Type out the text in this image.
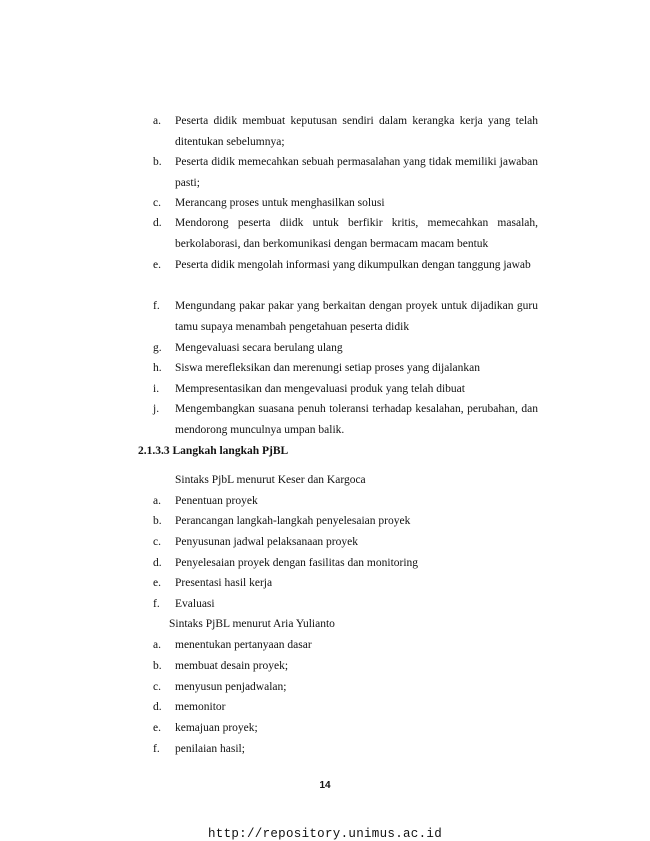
a.	Peserta didik membuat keputusan sendiri dalam kerangka kerja yang telah ditentukan sebelumnya;
b.	Peserta didik memecahkan sebuah permasalahan yang tidak memiliki jawaban pasti;
c.	Merancang proses untuk menghasilkan solusi
d.	Mendorong peserta diidk untuk berfikir kritis, memecahkan masalah, berkolaborasi, dan berkomunikasi dengan bermacam macam bentuk
e.	Peserta didik mengolah informasi yang dikumpulkan dengan tanggung jawab
f.	Mengundang pakar pakar yang berkaitan dengan proyek untuk dijadikan guru tamu supaya menambah pengetahuan peserta didik
g.	Mengevaluasi secara berulang ulang
h.	Siswa merefleksikan dan merenungi setiap proses yang dijalankan
i.	Mempresentasikan dan mengevaluasi produk yang telah dibuat
j.	Mengembangkan suasana penuh toleransi terhadap kesalahan, perubahan, dan mendorong munculnya umpan balik.
2.1.3.3 Langkah langkah PjBL
Sintaks PjbL menurut Keser dan Kargoca
a.	Penentuan proyek
b.	Perancangan langkah-langkah penyelesaian proyek
c.	Penyusunan jadwal pelaksanaan proyek
d.	Penyelesaian proyek dengan fasilitas dan monitoring
e.	Presentasi hasil kerja
f.	Evaluasi
Sintaks PjBL menurut Aria Yulianto
a.	menentukan pertanyaan dasar
b.	membuat desain proyek;
c.	menyusun penjadwalan;
d.	memonitor
e.	kemajuan proyek;
f.	penilaian hasil;
14
http://repository.unimus.ac.id
